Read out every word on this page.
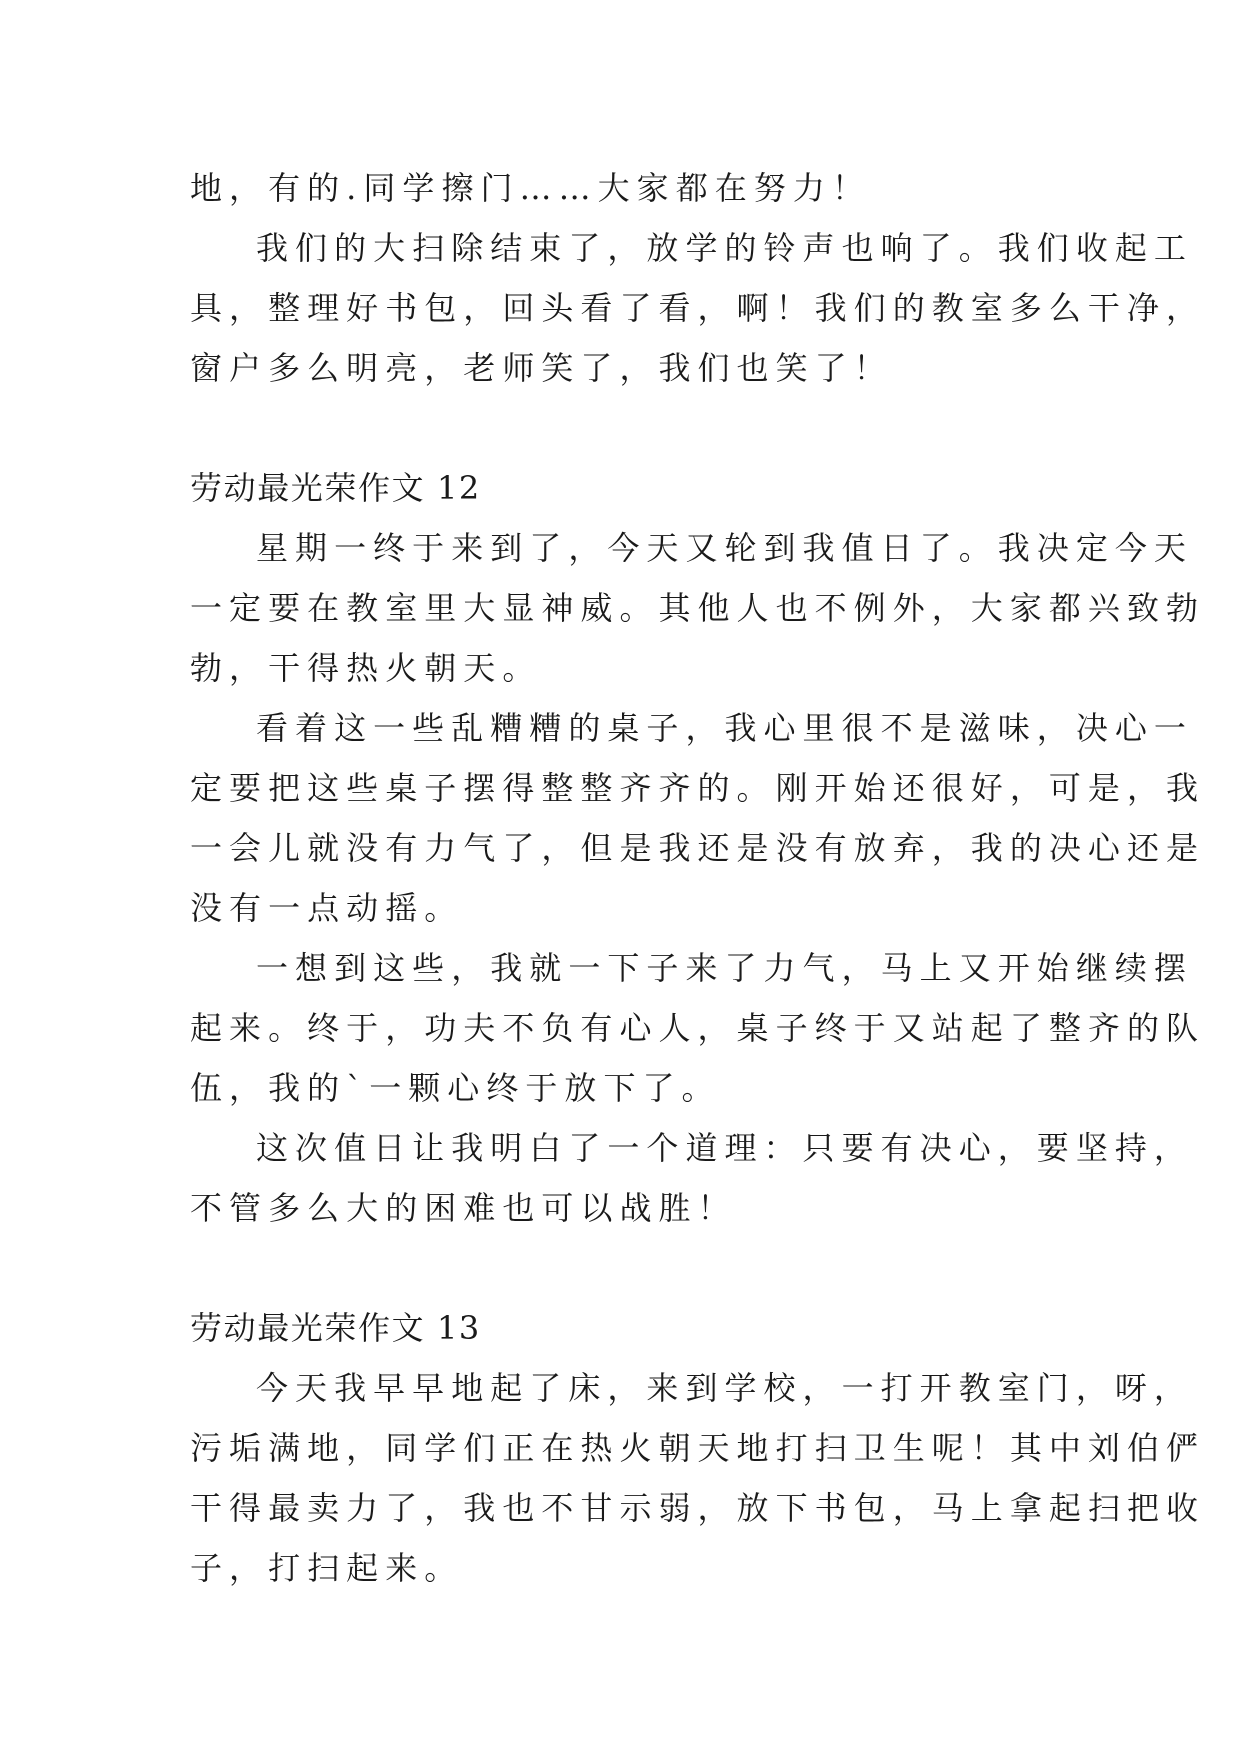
地，有的.同学擦门……大家都在努力！
我们的大扫除结束了，放学的铃声也响了。我们收起工
具，整理好书包，回头看了看，啊！我们的教室多么干净，
窗户多么明亮，老师笑了，我们也笑了！
劳动最光荣作文 12
星期一终于来到了，今天又轮到我值日了。我决定今天
一定要在教室里大显神威。其他人也不例外，大家都兴致勃
勃，干得热火朝天。
看着这一些乱糟糟的桌子，我心里很不是滋味，决心一
定要把这些桌子摆得整整齐齐的。刚开始还很好，可是，我
一会儿就没有力气了，但是我还是没有放弃，我的决心还是
没有一点动摇。
一想到这些，我就一下子来了力气，马上又开始继续摆
起来。终于，功夫不负有心人，桌子终于又站起了整齐的队
伍，我的`一颗心终于放下了。
这次值日让我明白了一个道理：只要有决心，要坚持，
不管多么大的困难也可以战胜！
劳动最光荣作文 13
今天我早早地起了床，来到学校，一打开教室门，呀，
污垢满地，同学们正在热火朝天地打扫卫生呢！其中刘伯俨
干得最卖力了，我也不甘示弱，放下书包，马上拿起扫把收
子，打扫起来。
